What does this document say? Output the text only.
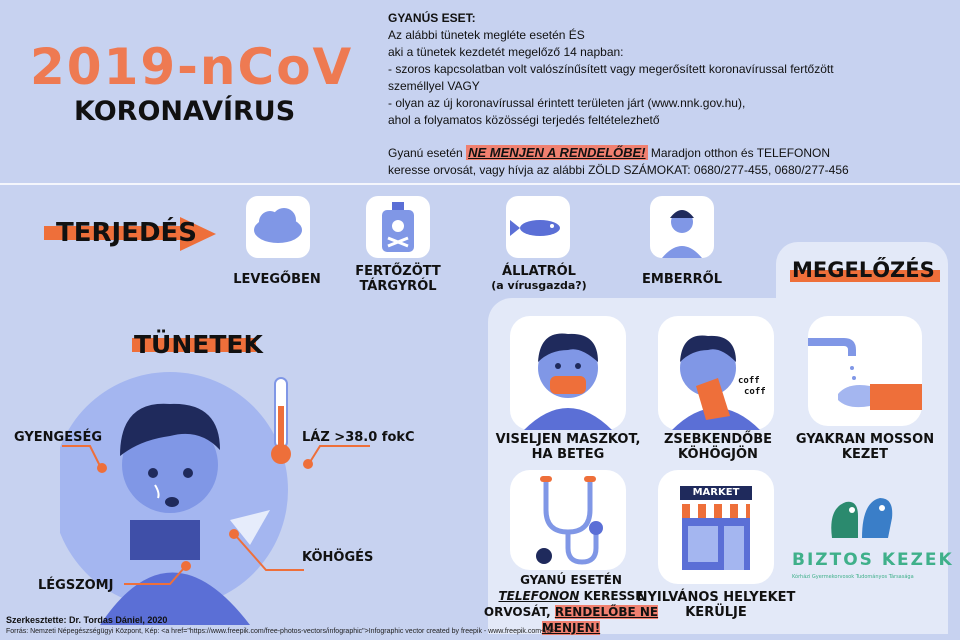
2019-nCoV
KORONAVÍRUS
GYANÚS ESET:
Az alábbi tünetek megléte esetén ÉS
aki a tünetek kezdetét megelőző 14 napban:
- szoros kapcsolatban volt valószínűsített vagy megerősített koronavírussal fertőzött
személlyel VAGY
- olyan az új koronavírussal érintett területen járt (www.nnk.gov.hu),
ahol a folyamatos közösségi terjedés feltételezhető
Gyanú esetén NE MENJEN A RENDELŐBE! Maradjon otthon és TELEFONON
keresse orvosát, vagy hívja az alábbi ZÖLD SZÁMOKAT: 0680/277-455, 0680/277-456
TERJEDÉS
LEVEGŐBEN
FERTŐZÖTT
TÁRGYRÓL
ÁLLATRÓL
(a vírusgazda?)	EMBERRŐL
TÜNETEK
GYENGESÉG	LÁZ >38.0 fokC
KÖHÖGÉS
LÉGSZOMJ
MEGELŐZÉS
VISELJEN MASZKOT,
HA BETEG
coff
coff
ZSEBKENDŐBE
KÖHÖGJÖN
GYAKRAN MOSSON
KEZET
GYANÚ ESETÉN
TELEFONON KERESSE
ORVOSÁT, RENDELŐBE NE MENJEN!
MARKET
NYILVÁNOS HELYEKET
KERÜLJE
BIZTOS KEZEK
Kórházi Gyermekorvosok Tudományos Társasága
Szerkesztette: Dr. Tordas Dániel, 2020
Forrás: Nemzeti Népegészségügyi Központ, Kép: <a href="https://www.freepik.com/free-photos-vectors/infographic">Infographic vector created by freepik - www.freepik.com</a>
